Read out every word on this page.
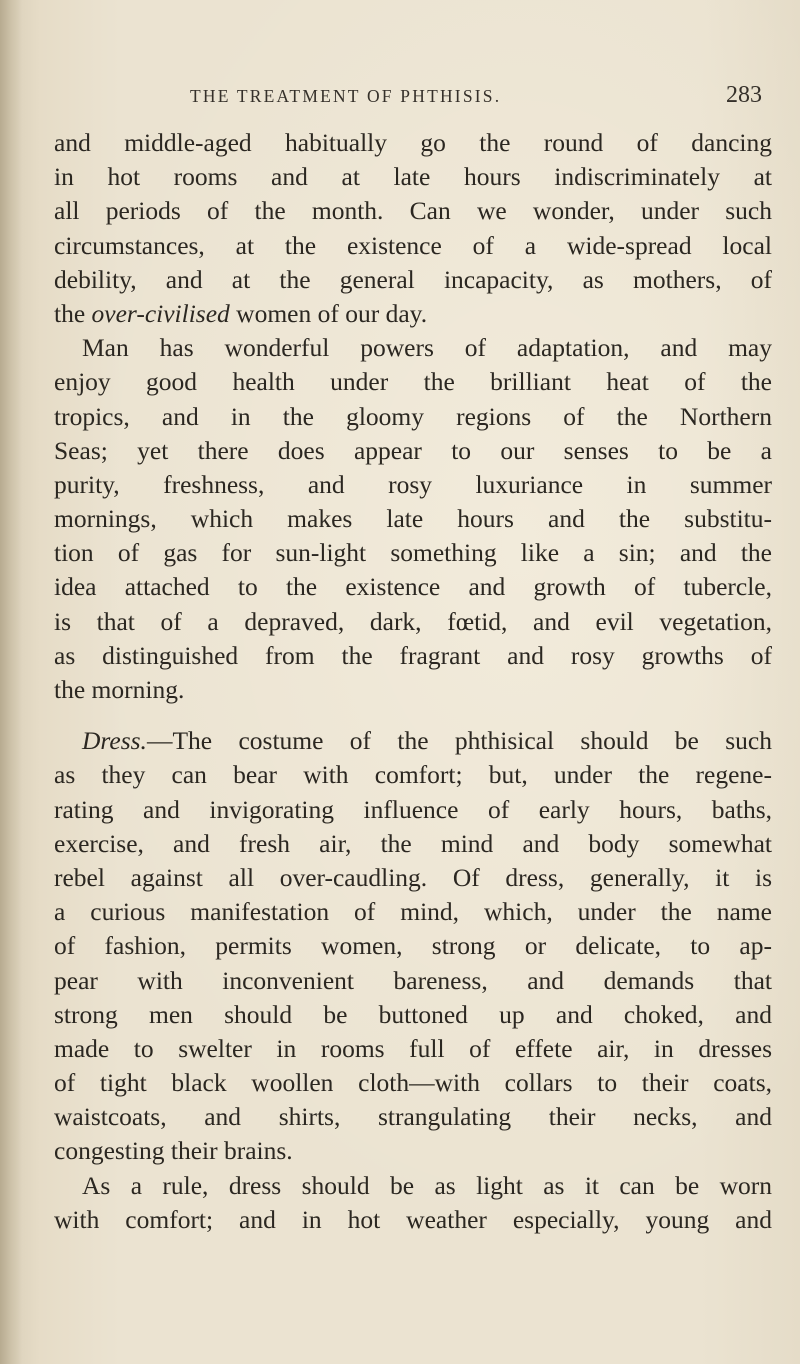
THE TREATMENT OF PHTHISIS.	283
and middle-aged habitually go the round of dancing
in hot rooms and at late hours indiscriminately at
all periods of the month. Can we wonder, under such
circumstances, at the existence of a wide-spread local
debility, and at the general incapacity, as mothers, of
the over-civilised women of our day.
Man has wonderful powers of adaptation, and may
enjoy good health under the brilliant heat of the
tropics, and in the gloomy regions of the Northern
Seas; yet there does appear to our senses to be a
purity, freshness, and rosy luxuriance in summer
mornings, which makes late hours and the substitu-
tion of gas for sun-light something like a sin; and the
idea attached to the existence and growth of tubercle,
is that of a depraved, dark, fœtid, and evil vegetation,
as distinguished from the fragrant and rosy growths of
the morning.
Dress.—The costume of the phthisical should be such
as they can bear with comfort; but, under the regene-
rating and invigorating influence of early hours, baths,
exercise, and fresh air, the mind and body somewhat
rebel against all over-caudling. Of dress, generally, it is
a curious manifestation of mind, which, under the name
of fashion, permits women, strong or delicate, to ap-
pear with inconvenient bareness, and demands that
strong men should be buttoned up and choked, and
made to swelter in rooms full of effete air, in dresses
of tight black woollen cloth—with collars to their coats,
waistcoats, and shirts, strangulating their necks, and
congesting their brains.
As a rule, dress should be as light as it can be worn
with comfort; and in hot weather especially, young and
